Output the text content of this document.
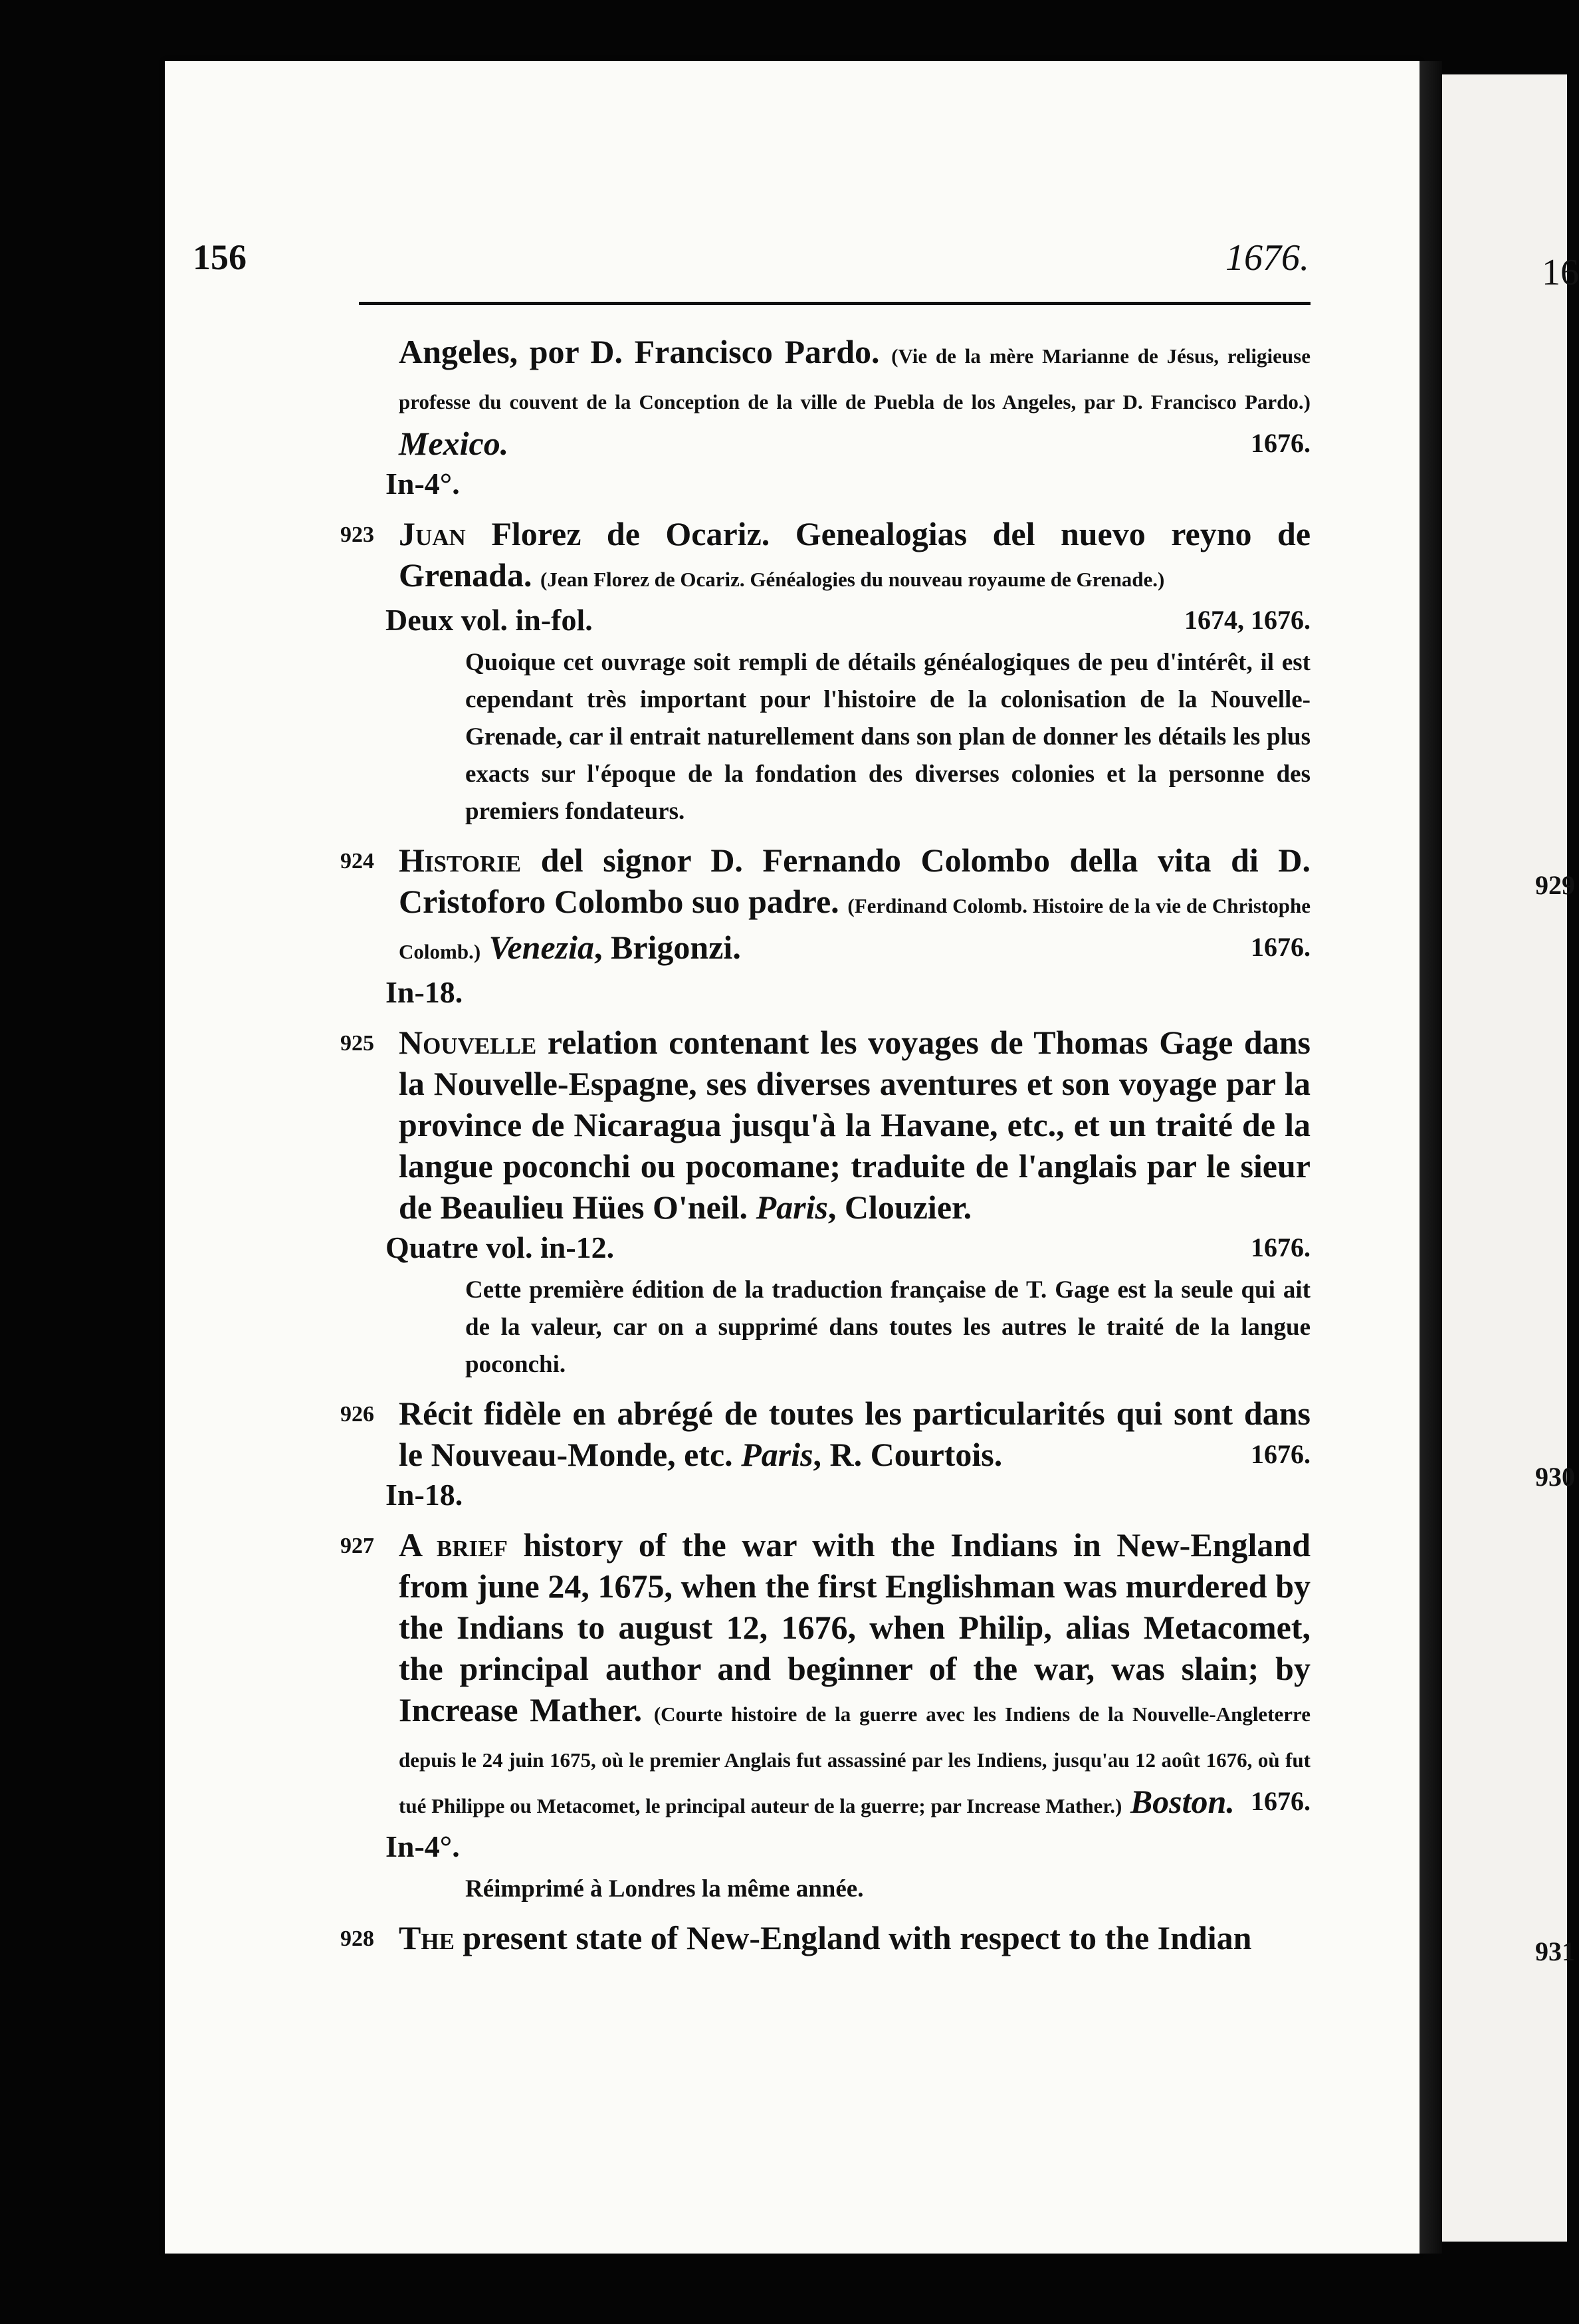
16
929
930
931
156	1676.
Angeles, por D. Francisco Pardo. (Vie de la mère Marianne de Jésus, religieuse professe du couvent de la Conception de la ville de Puebla de los Angeles, par D. Francisco Pardo.) Mexico.	1676.
In-4°.
923 Juan Florez de Ocariz. Genealogias del nuevo reyno de Grenada. (Jean Florez de Ocariz. Généalogies du nouveau royaume de Grenade.)
Deux vol. in-fol.	1674, 1676.
Quoique cet ouvrage soit rempli de détails généalogiques de peu d'intérêt, il est cependant très important pour l'histoire de la colonisation de la Nouvelle-Grenade, car il entrait naturellement dans son plan de donner les détails les plus exacts sur l'époque de la fondation des diverses colonies et la personne des premiers fondateurs.
924 Historie del signor D. Fernando Colombo della vita di D. Cristoforo Colombo suo padre. (Ferdinand Colomb. Histoire de la vie de Christophe Colomb.) Venezia, Brigonzi.	1676.
In-18.
925 Nouvelle relation contenant les voyages de Thomas Gage dans la Nouvelle-Espagne, ses diverses aventures et son voyage par la province de Nicaragua jusqu'à la Havane, etc., et un traité de la langue poconchi ou pocomane; traduite de l'anglais par le sieur de Beaulieu Hües O'neil. Paris, Clouzier.
Quatre vol. in-12.	1676.
Cette première édition de la traduction française de T. Gage est la seule qui ait de la valeur, car on a supprimé dans toutes les autres le traité de la langue poconchi.
926 Récit fidèle en abrégé de toutes les particularités qui sont dans le Nouveau-Monde, etc. Paris, R. Courtois.	1676.
In-18.
927 A brief history of the war with the Indians in New-England from june 24, 1675, when the first Englishman was murdered by the Indians to august 12, 1676, when Philip, alias Metacomet, the principal author and beginner of the war, was slain; by Increase Mather. (Courte histoire de la guerre avec les Indiens de la Nouvelle-Angleterre depuis le 24 juin 1675, où le premier Anglais fut assassiné par les Indiens, jusqu'au 12 août 1676, où fut tué Philippe ou Metacomet, le principal auteur de la guerre; par Increase Mather.) Boston. 1676.
In-4°.
Réimprimé à Londres la même année.
928 The present state of New-England with respect to the Indian
